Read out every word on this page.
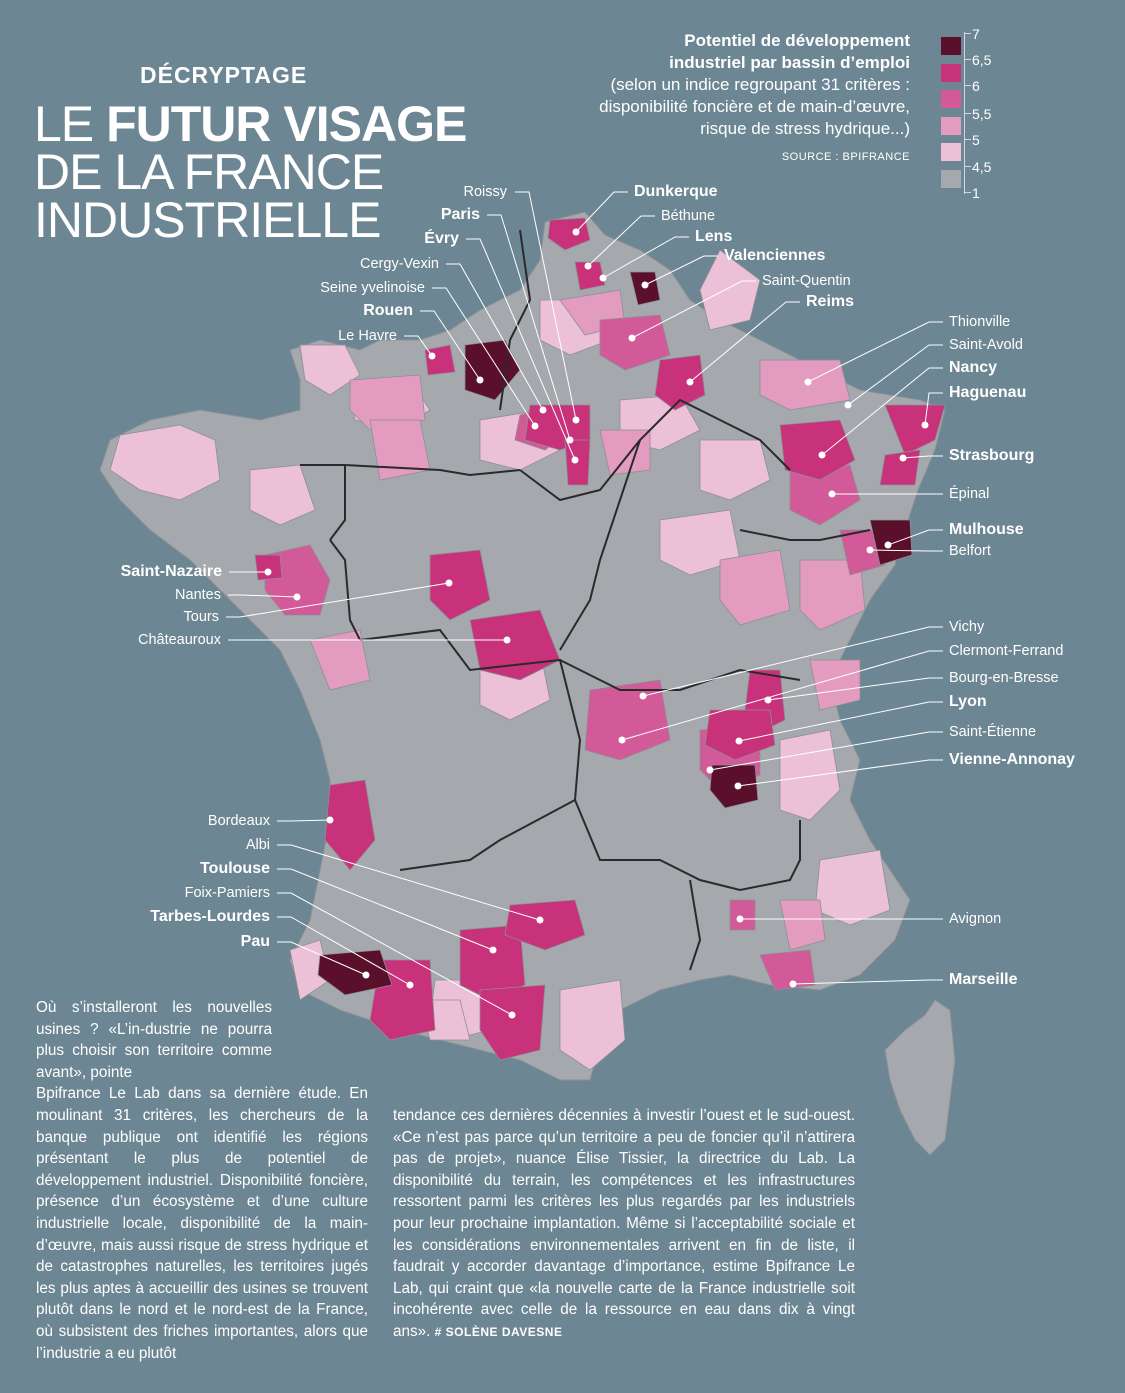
DÉCRYPTAGE
LE FUTUR VISAGE
DE LA FRANCE
INDUSTRIELLE
Potentiel de développement
industriel par bassin d’emploi
(selon un indice regroupant 31 critères :
disponibilité foncière et de main-d’œuvre,
risque de stress hydrique...)
SOURCE : BPIFRANCE
7
6,5
6
5,5
5
4,5
1
Roissy	Dunkerque
Paris	Béthune
Évry	Lens
Cergy-Vexin	Valenciennes
Seine yvelinoise	Saint-Quentin
Rouen
Reims
Le Havre
Thionville
Saint-Avold
Nancy
Haguenau
Strasbourg
Épinal
Mulhouse
Belfort
Saint-Nazaire
Nantes
Tours
Châteauroux
Vichy
Clermont-Ferrand
Bourg-en-Bresse
Lyon
Saint-Étienne
Vienne-Annonay
Bordeaux
Albi
Toulouse
Foix-Pamiers
Tarbes-Lourdes
Pau
Avignon
Marseille
Où s’installeront les nouvelles usines ? «L’in-dustrie ne pourra plus choisir son territoire comme avant», pointe
Bpifrance Le Lab dans sa dernière étude. En moulinant 31 critères, les chercheurs de la banque publique ont identifié les régions présentant le plus de potentiel de développement industriel. Disponibilité foncière, présence d’un écosystème et d’une culture industrielle locale, disponibilité de la main-d’œuvre, mais aussi risque de stress hydrique et de catastrophes naturelles, les territoires jugés les plus aptes à accueillir des usines se trouvent plutôt dans le nord et le nord-est de la France, où subsistent des friches importantes, alors que l’industrie a eu plutôt
tendance ces dernières décennies à investir l’ouest et le sud-ouest. «Ce n’est pas parce qu’un territoire a peu de foncier qu’il n’attirera pas de projet», nuance Élise Tissier, la directrice du Lab. La disponibilité du terrain, les compétences et les infrastructures ressortent parmi les critères les plus regardés par les industriels pour leur prochaine implantation. Même si l’acceptabilité sociale et les considérations environnementales arrivent en fin de liste, il faudrait y accorder davantage d’importance, estime Bpifrance Le Lab, qui craint que «la nouvelle carte de la France industrielle soit incohérente avec celle de la ressource en eau dans dix à vingt ans». # SOLÈNE DAVESNE
